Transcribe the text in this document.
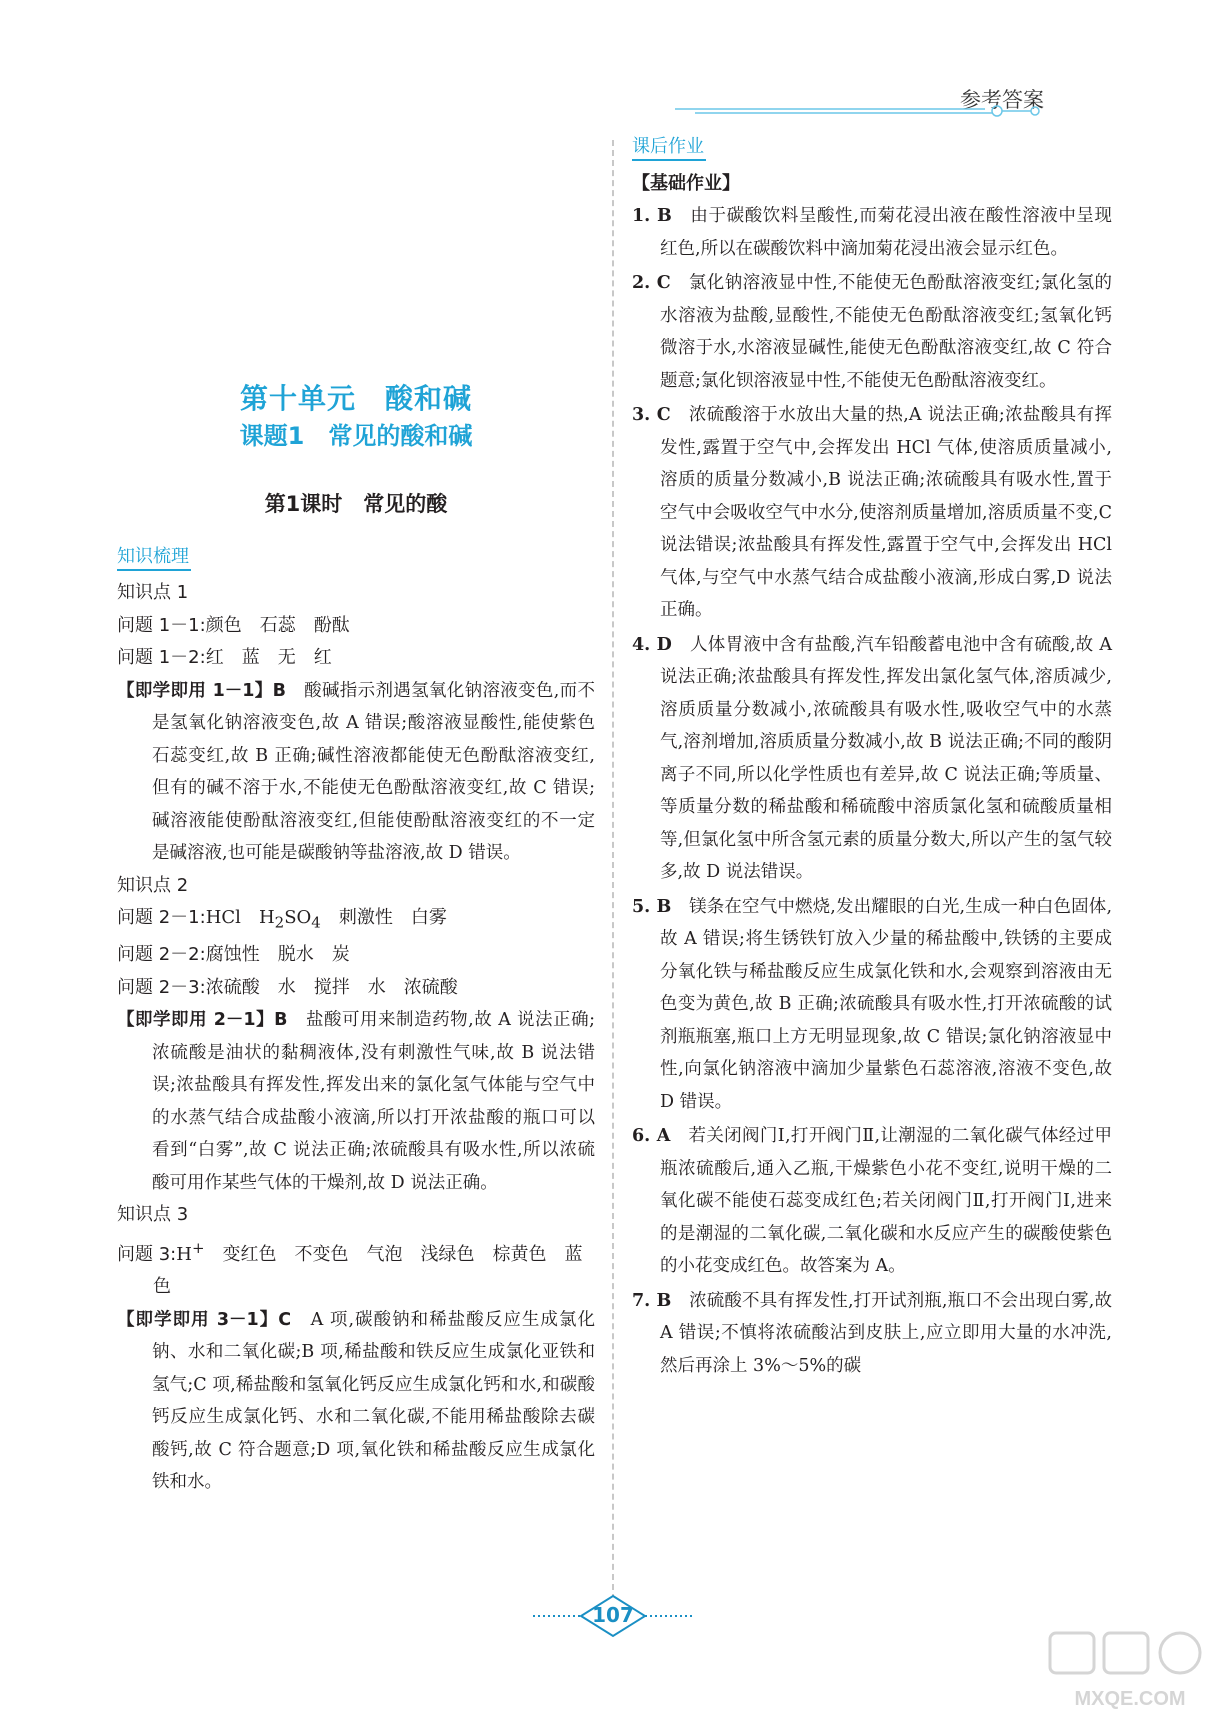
参考答案
第十单元　酸和碱
课题1　常见的酸和碱
第1课时　常见的酸
知识梳理
知识点 1
问题 1－1:颜色　石蕊　酚酞
问题 1－2:红　蓝　无　红
【即学即用 1－1】B　酸碱指示剂遇氢氧化钠溶液变色,而不是氢氧化钠溶液变色,故 A 错误;酸溶液显酸性,能使紫色石蕊变红,故 B 正确;碱性溶液都能使无色酚酞溶液变红,但有的碱不溶于水,不能使无色酚酞溶液变红,故 C 错误;碱溶液能使酚酞溶液变红,但能使酚酞溶液变红的不一定是碱溶液,也可能是碳酸钠等盐溶液,故 D 错误。
知识点 2
问题 2－1:HCl　 $H_2SO_4$　 刺激性　白雾
问题 2－2:腐蚀性　脱水　炭
问题 2－3:浓硫酸　水　搅拌　水　浓硫酸
【即学即用 2－1】B　盐酸可用来制造药物,故 A 说法正确;浓硫酸是油状的黏稠液体,没有刺激性气味,故 B 说法错误;浓盐酸具有挥发性,挥发出来的氯化氢气体能与空气中的水蒸气结合成盐酸小液滴,所以打开浓盐酸的瓶口可以看到“白雾”,故 C 说法正确;浓硫酸具有吸水性,所以浓硫酸可用作某些气体的干燥剂,故 D 说法正确。
知识点 3
问题 3:H+　变红色　不变色　气泡　浅绿色　棕黄色　蓝色
【即学即用 3－1】C　A 项,碳酸钠和稀盐酸反应生成氯化钠、水和二氧化碳;B 项,稀盐酸和铁反应生成氯化亚铁和氢气;C 项,稀盐酸和氢氧化钙反应生成氯化钙和水,和碳酸钙反应生成氯化钙、水和二氧化碳,不能用稀盐酸除去碳酸钙,故 C 符合题意;D 项,氧化铁和稀盐酸反应生成氯化铁和水。
课后作业
【基础作业】
1. B　由于碳酸饮料呈酸性,而菊花浸出液在酸性溶液中呈现红色,所以在碳酸饮料中滴加菊花浸出液会显示红色。
2. C　氯化钠溶液显中性,不能使无色酚酞溶液变红;氯化氢的水溶液为盐酸,显酸性,不能使无色酚酞溶液变红;氢氧化钙微溶于水,水溶液显碱性,能使无色酚酞溶液变红,故 C 符合题意;氯化钡溶液显中性,不能使无色酚酞溶液变红。
3. C　浓硫酸溶于水放出大量的热,A 说法正确;浓盐酸具有挥发性,露置于空气中,会挥发出 HCl 气体,使溶质质量减小,溶质的质量分数减小,B 说法正确;浓硫酸具有吸水性,置于空气中会吸收空气中水分,使溶剂质量增加,溶质质量不变,C 说法错误;浓盐酸具有挥发性,露置于空气中,会挥发出 HCl 气体,与空气中水蒸气结合成盐酸小液滴,形成白雾,D 说法正确。
4. D　人体胃液中含有盐酸,汽车铅酸蓄电池中含有硫酸,故 A 说法正确;浓盐酸具有挥发性,挥发出氯化氢气体,溶质减少,溶质质量分数减小,浓硫酸具有吸水性,吸收空气中的水蒸气,溶剂增加,溶质质量分数减小,故 B 说法正确;不同的酸阴离子不同,所以化学性质也有差异,故 C 说法正确;等质量、等质量分数的稀盐酸和稀硫酸中溶质氯化氢和硫酸质量相等,但氯化氢中所含氢元素的质量分数大,所以产生的氢气较多,故 D 说法错误。
5. B　镁条在空气中燃烧,发出耀眼的白光,生成一种白色固体,故 A 错误;将生锈铁钉放入少量的稀盐酸中,铁锈的主要成分氧化铁与稀盐酸反应生成氯化铁和水,会观察到溶液由无色变为黄色,故 B 正确;浓硫酸具有吸水性,打开浓硫酸的试剂瓶瓶塞,瓶口上方无明显现象,故 C 错误;氯化钠溶液显中性,向氯化钠溶液中滴加少量紫色石蕊溶液,溶液不变色,故 D 错误。
6. A　若关闭阀门Ⅰ,打开阀门Ⅱ,让潮湿的二氧化碳气体经过甲瓶浓硫酸后,通入乙瓶,干燥紫色小花不变红,说明干燥的二氧化碳不能使石蕊变成红色;若关闭阀门Ⅱ,打开阀门Ⅰ,进来的是潮湿的二氧化碳,二氧化碳和水反应产生的碳酸使紫色的小花变成红色。故答案为 A。
7. B　浓硫酸不具有挥发性,打开试剂瓶,瓶口不会出现白雾,故 A 错误;不慎将浓硫酸沾到皮肤上,应立即用大量的水冲洗,然后再涂上 3%～5%的碳
107
MXQE.COM
